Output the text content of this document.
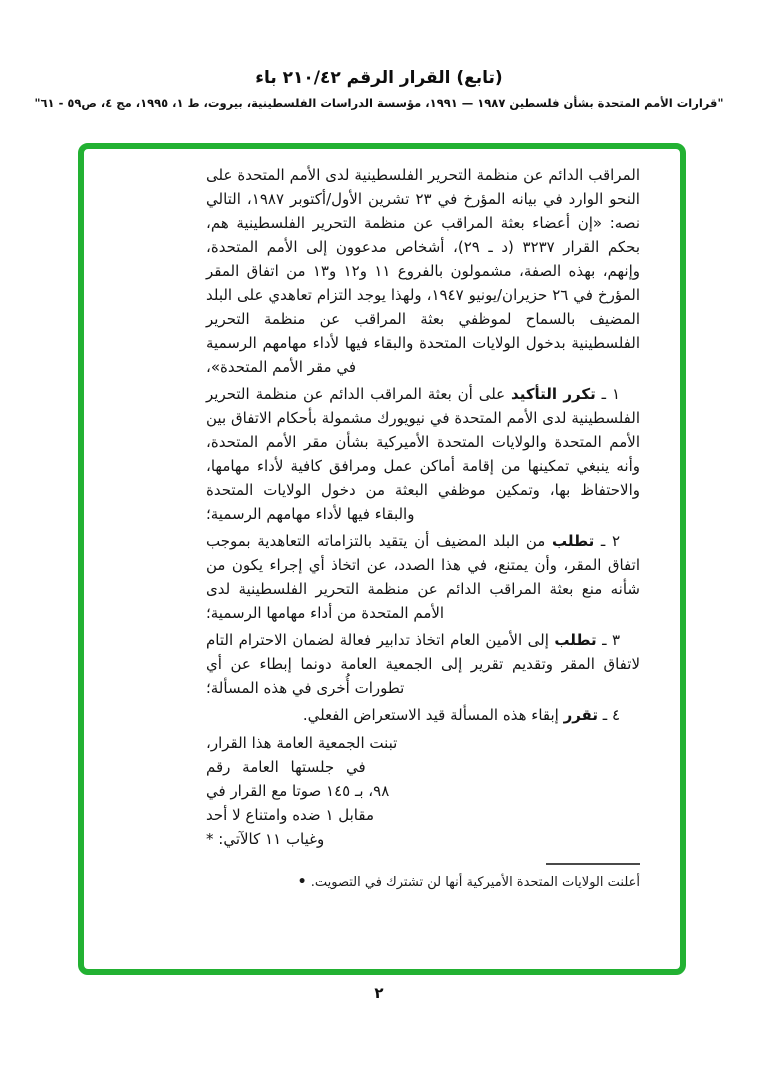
(تابع) القرار الرقم ٢١٠/٤٢ باء
"قرارات الأمم المتحدة بشأن فلسطين ١٩٨٧ — ١٩٩١، مؤسسة الدراسات الفلسطينية، بيروت، ط ١، ١٩٩٥، مج ٤، ص٥٩ - ٦١"

المراقب الدائم عن منظمة التحرير الفلسطينية لدى الأمم المتحدة على النحو الوارد في بيانه المؤرخ في ٢٣ تشرين الأول/أكتوبر ١٩٨٧، التالي نصه: «إن أعضاء بعثة المراقب عن منظمة التحرير الفلسطينية هم، بحكم القرار ٣٢٣٧ (د ـ ٢٩)، أشخاص مدعوون إلى الأمم المتحدة، وإنهم، بهذه الصفة، مشمولون بالفروع ١١ و١٢ و١٣ من اتفاق المقر المؤرخ في ٢٦ حزيران/يونيو ١٩٤٧، ولهذا يوجد التزام تعاهدي على البلد المضيف بالسماح لموظفي بعثة المراقب عن منظمة التحرير الفلسطينية بدخول الولايات المتحدة والبقاء فيها لأداء مهامهم الرسمية في مقر الأمم المتحدة»،

١ ـ تكرر التأكيد على أن بعثة المراقب الدائم عن منظمة التحرير الفلسطينية لدى الأمم المتحدة في نيويورك مشمولة بأحكام الاتفاق بين الأمم المتحدة والولايات المتحدة الأميركية بشأن مقر الأمم المتحدة، وأنه ينبغي تمكينها من إقامة أماكن عمل ومرافق كافية لأداء مهامها، والاحتفاظ بها، وتمكين موظفي البعثة من دخول الولايات المتحدة والبقاء فيها لأداء مهامهم الرسمية؛

٢ ـ تطلب من البلد المضيف أن يتقيد بالتزاماته التعاهدية بموجب اتفاق المقر، وأن يمتنع، في هذا الصدد، عن اتخاذ أي إجراء يكون من شأنه منع بعثة المراقب الدائم عن منظمة التحرير الفلسطينية لدى الأمم المتحدة من أداء مهامها الرسمية؛

٣ ـ تطلب إلى الأمين العام اتخاذ تدابير فعالة لضمان الاحترام التام لاتفاق المقر وتقديم تقرير إلى الجمعية العامة دونما إبطاء عن أي تطورات أُخرى في هذه المسألة؛

٤ ـ تقرر إبقاء هذه المسألة قيد الاستعراض الفعلي.

تبنت الجمعية العامة هذا القرار،
في جلستها العامة رقم
٩٨، بـ ١٤٥ صوتا مع القرار في
مقابل ١ ضده وامتناع لا أحد
وغياب ١١ كالآتي: *
أعلنت الولايات المتحدة الأميركية أنها لن تشترك في التصويت. •
٢
